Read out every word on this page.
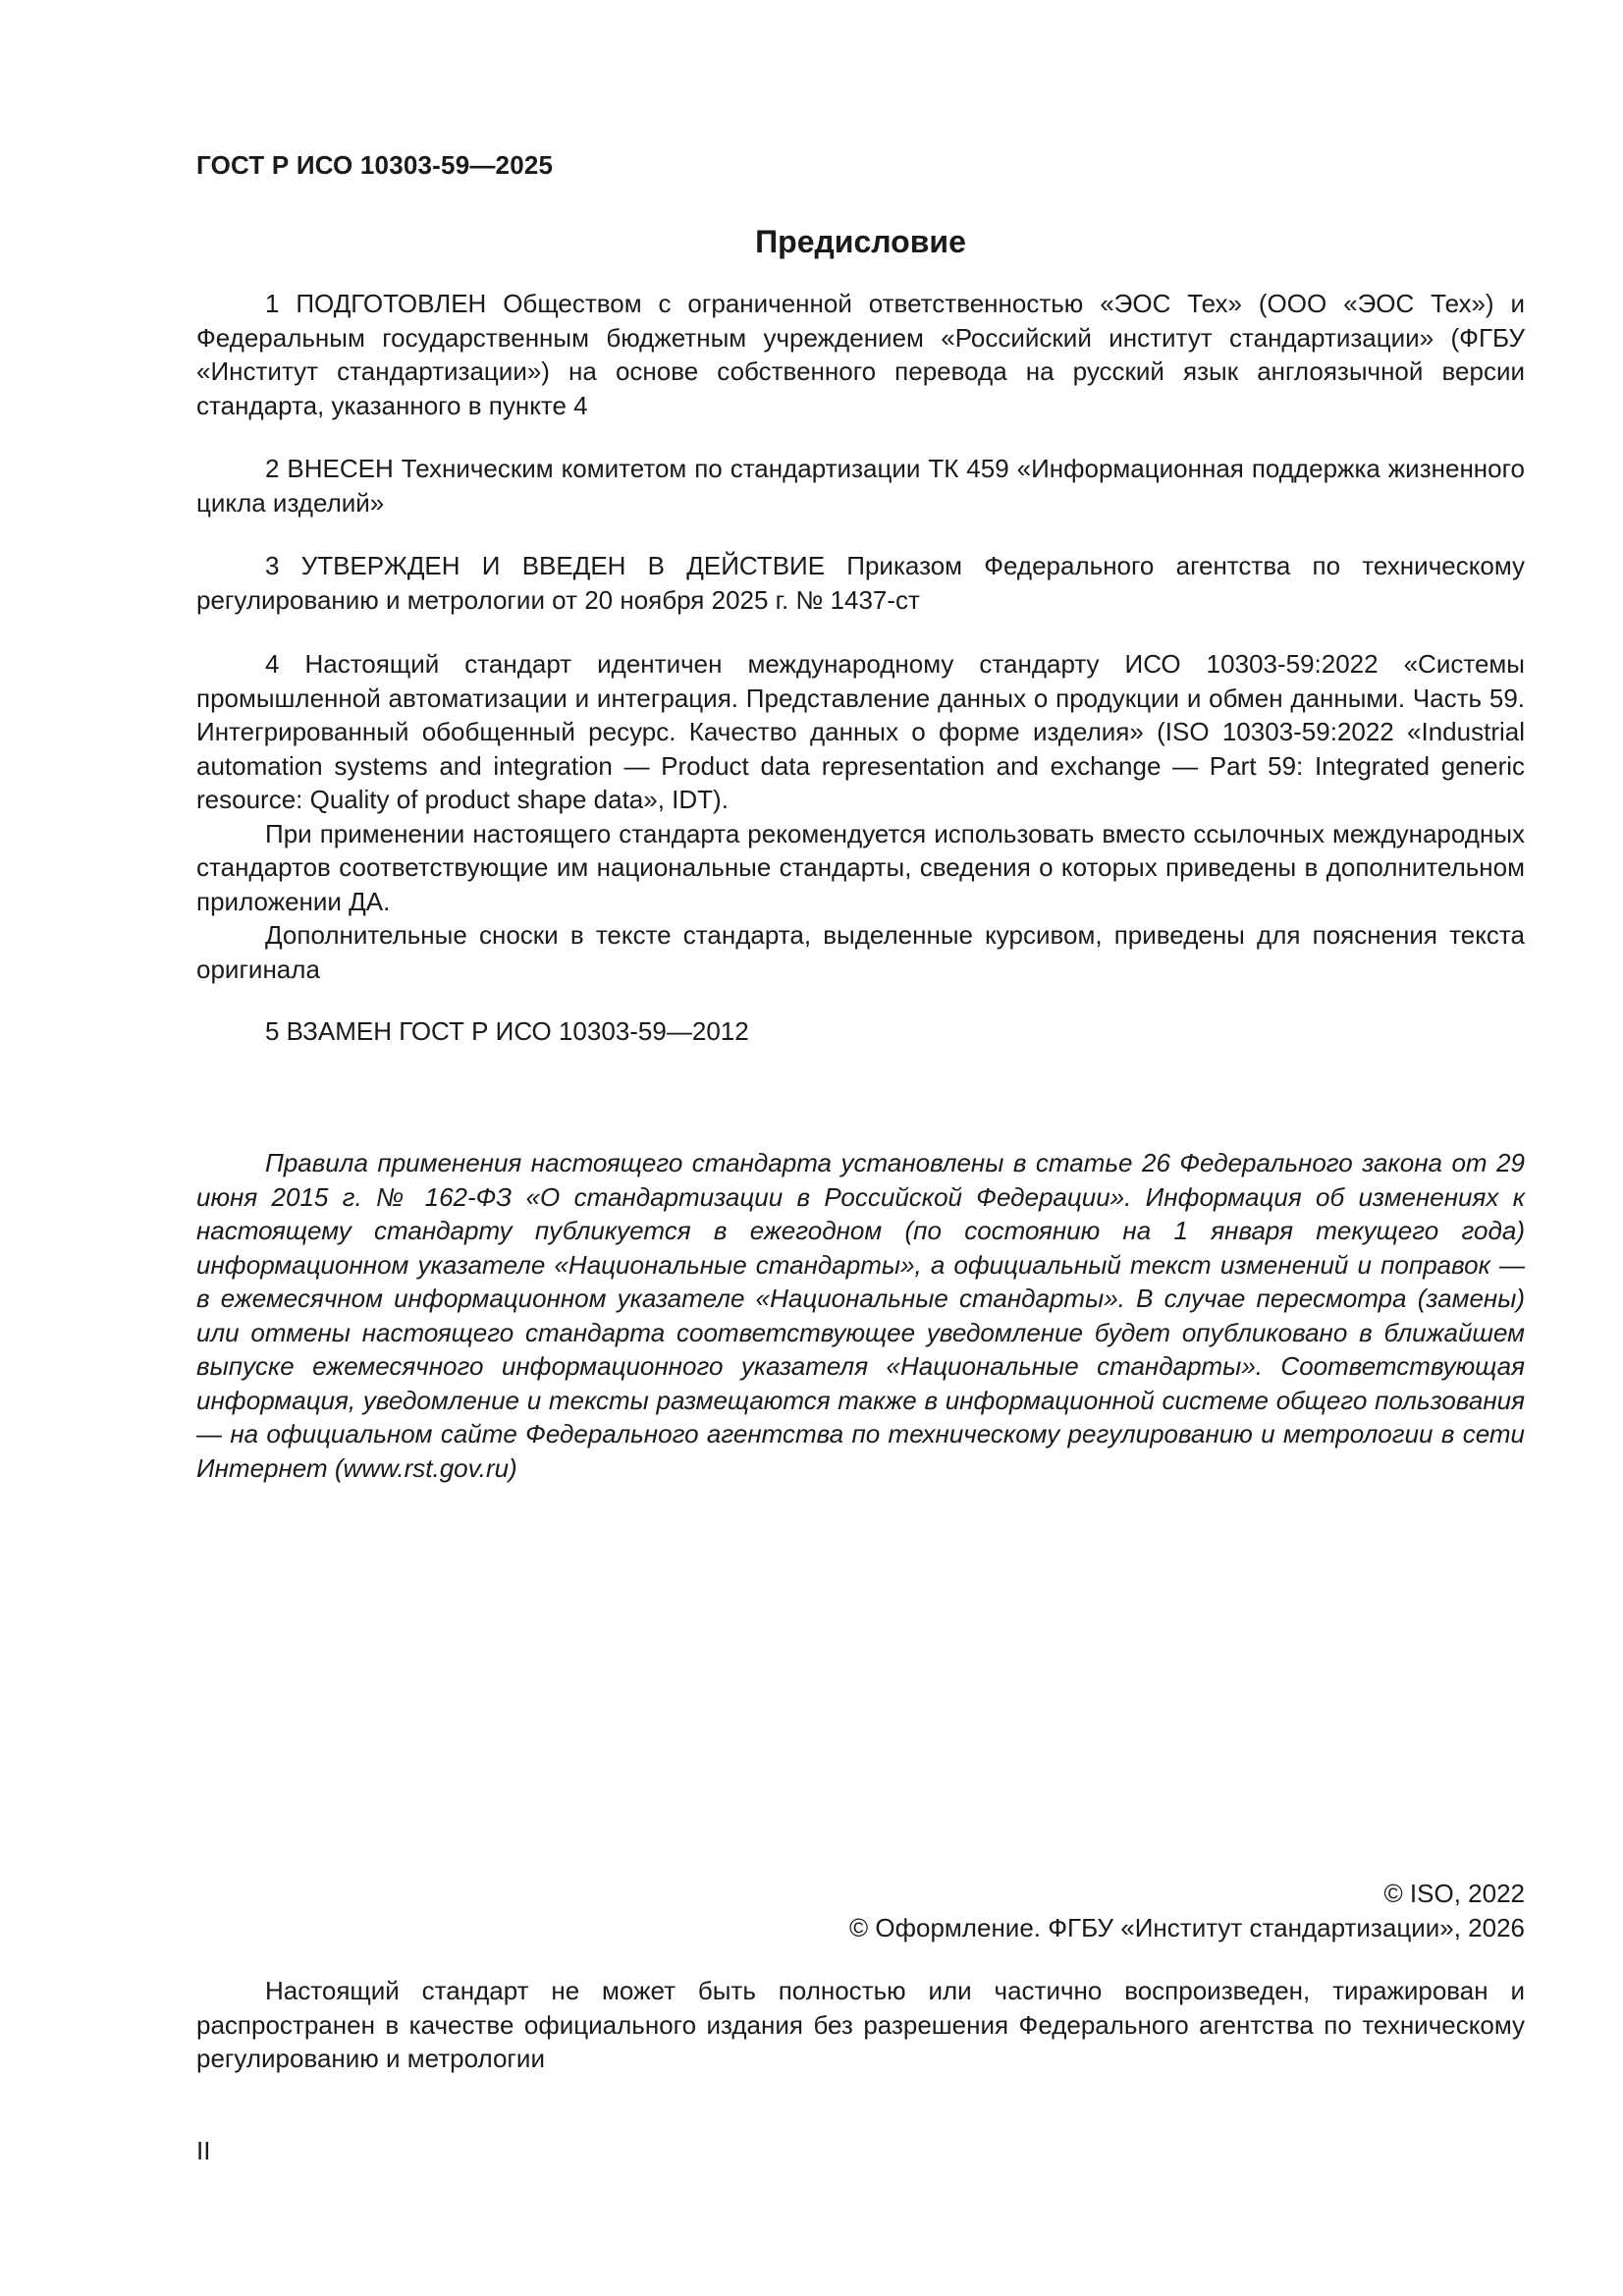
ГОСТ Р ИСО 10303-59—2025
Предисловие

1 ПОДГОТОВЛЕН Обществом с ограниченной ответственностью «ЭОС Тех» (ООО «ЭОС Тех») и Федеральным государственным бюджетным учреждением «Российский институт стандартизации» (ФГБУ «Институт стандартизации») на основе собственного перевода на русский язык англоязычной версии стандарта, указанного в пункте 4

2 ВНЕСЕН Техническим комитетом по стандартизации ТК 459 «Информационная поддержка жизненного цикла изделий»

3 УТВЕРЖДЕН И ВВЕДЕН В ДЕЙСТВИЕ Приказом Федерального агентства по техническому регулированию и метрологии от 20 ноября 2025 г. № 1437-ст

4 Настоящий стандарт идентичен международному стандарту ИСО 10303-59:2022 «Системы промышленной автоматизации и интеграция. Представление данных о продукции и обмен данными. Часть 59. Интегрированный обобщенный ресурс. Качество данных о форме изделия» (ISO 10303-59:2022 «Industrial automation systems and integration — Product data representation and exchange — Part 59: Integrated generic resource: Quality of product shape data», IDT).

При применении настоящего стандарта рекомендуется использовать вместо ссылочных международных стандартов соответствующие им национальные стандарты, сведения о которых приведены в дополнительном приложении ДА.

Дополнительные сноски в тексте стандарта, выделенные курсивом, приведены для пояснения текста оригинала

5 ВЗАМЕН ГОСТ Р ИСО 10303-59—2012

Правила применения настоящего стандарта установлены в статье 26 Федерального закона от 29 июня 2015 г. № 162-ФЗ «О стандартизации в Российской Федерации». Информация об изменениях к настоящему стандарту публикуется в ежегодном (по состоянию на 1 января текущего года) информационном указателе «Национальные стандарты», а официальный текст изменений и поправок — в ежемесячном информационном указателе «Национальные стандарты». В случае пересмотра (замены) или отмены настоящего стандарта соответствующее уведомление будет опубликовано в ближайшем выпуске ежемесячного информационного указателя «Национальные стандарты». Соответствующая информация, уведомление и тексты размещаются также в информационной системе общего пользования — на официальном сайте Федерального агентства по техническому регулированию и метрологии в сети Интернет (www.rst.gov.ru)
© ISO, 2022
© Оформление. ФГБУ «Институт стандартизации», 2026
Настоящий стандарт не может быть полностью или частично воспроизведен, тиражирован и распространен в качестве официального издания без разрешения Федерального агентства по техническому регулированию и метрологии
II
